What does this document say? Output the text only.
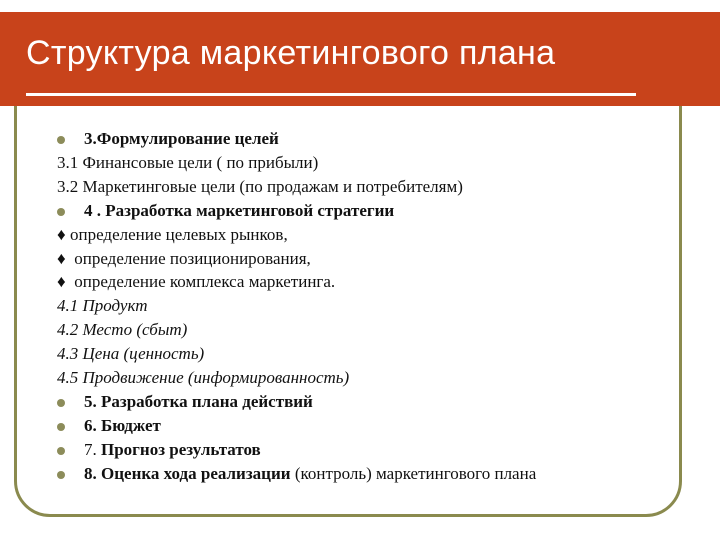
Структура маркетингового плана
3.Формулирование целей
3.1 Финансовые цели ( по прибыли)
3.2 Маркетинговые цели (по продажам и потребителям)
4 . Разработка маркетинговой стратегии
♦ определение целевых рынков,
♦ определение позиционирования,
♦ определение комплекса маркетинга.
4.1 Продукт
4.2 Место (сбыт)
4.3 Цена (ценность)
4.5 Продвижение (информированность)
5. Разработка плана действий
6. Бюджет
7. Прогноз результатов
8. Оценка хода реализации (контроль) маркетингового плана
